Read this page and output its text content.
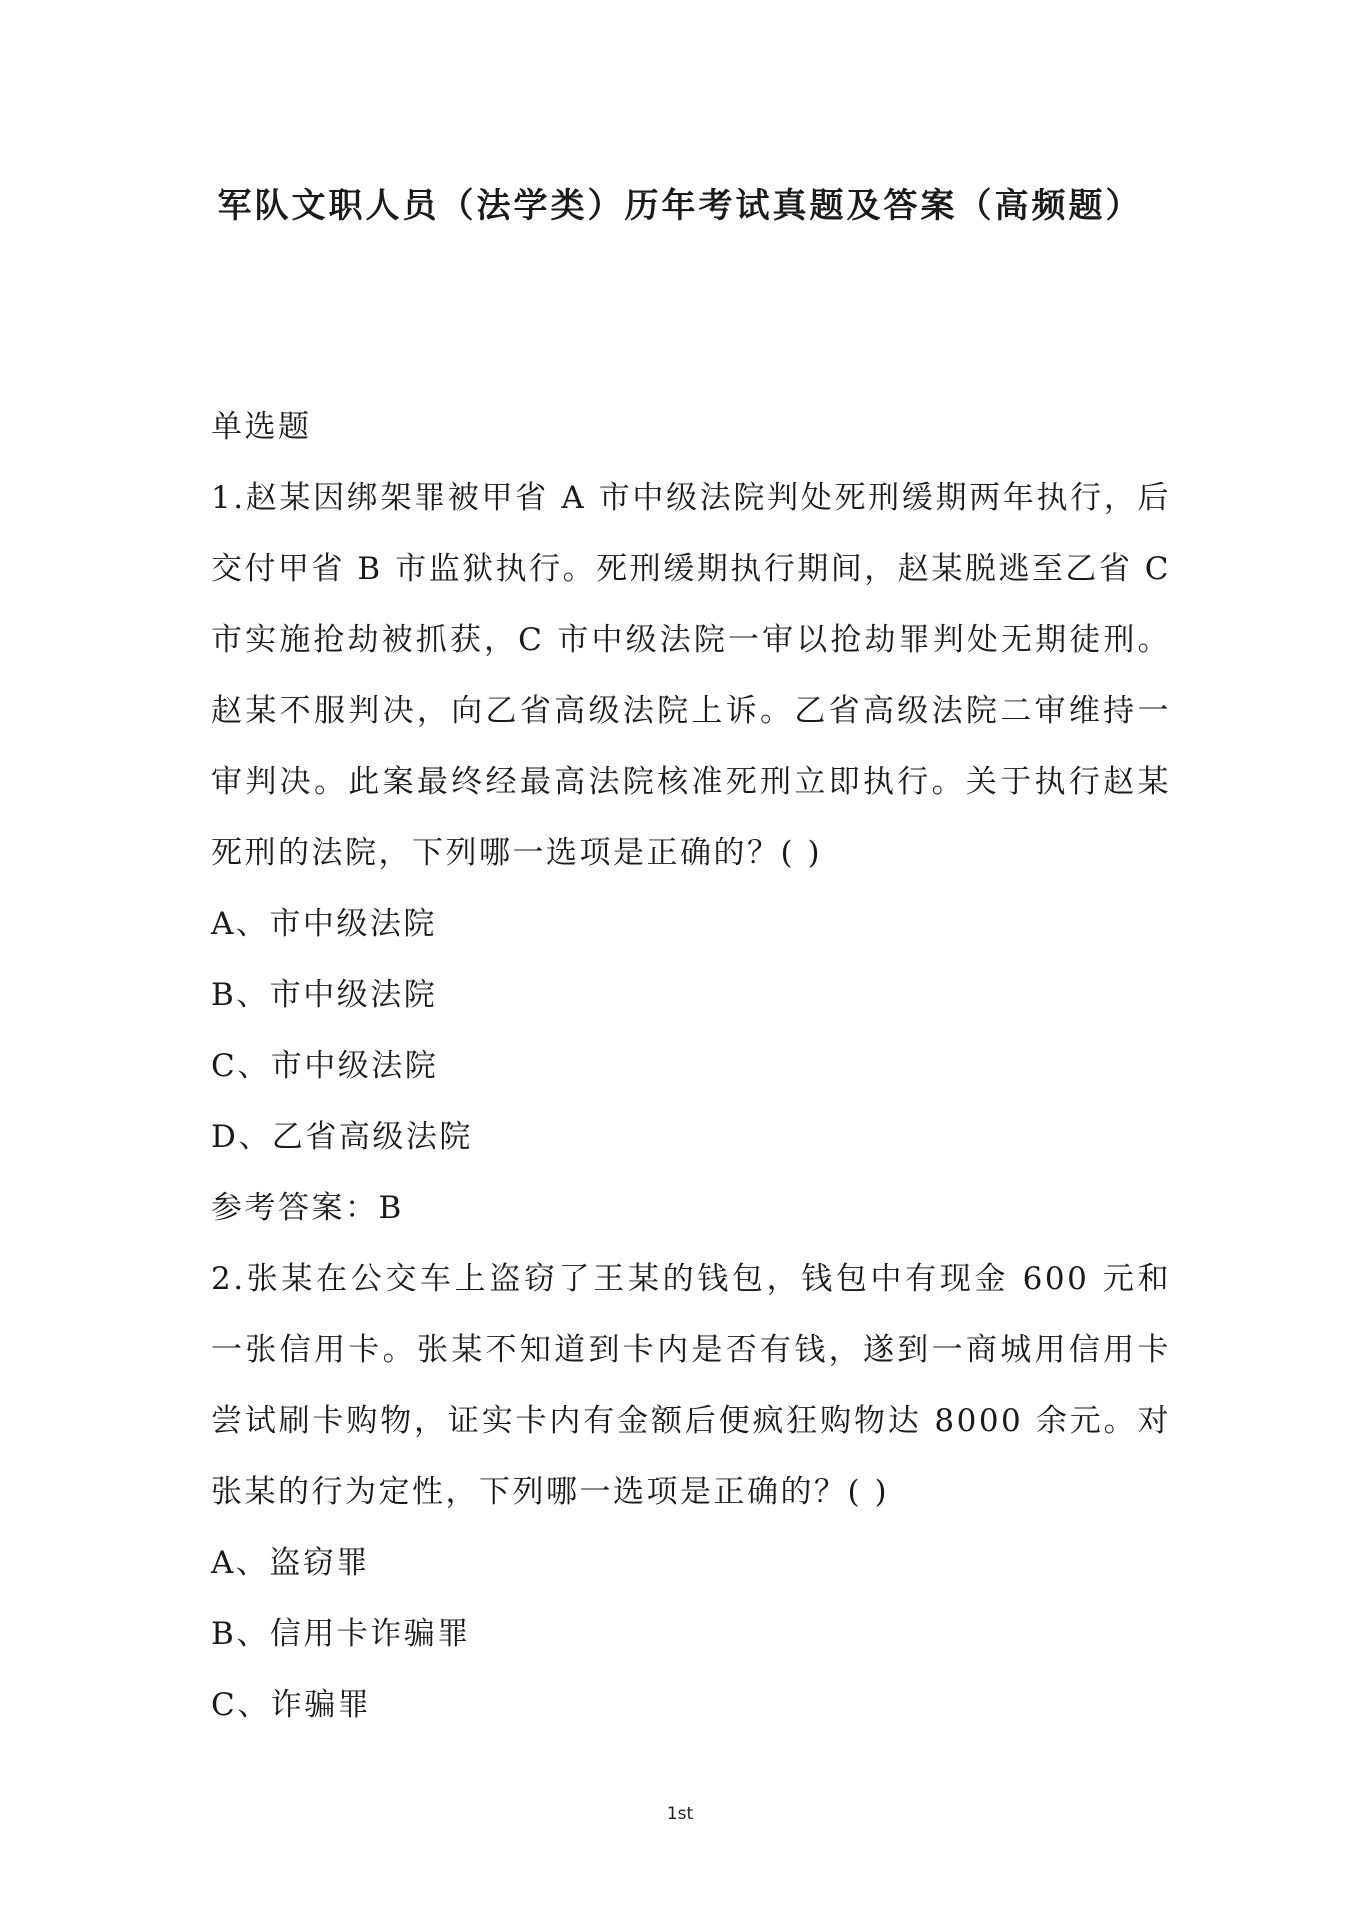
军队文职人员（法学类）历年考试真题及答案（高频题）

单选题

1.赵某因绑架罪被甲省 A 市中级法院判处死刑缓期两年执行，后交付甲省 B 市监狱执行。死刑缓期执行期间，赵某脱逃至乙省 C 市实施抢劫被抓获，C 市中级法院一审以抢劫罪判处无期徒刑。赵某不服判决，向乙省高级法院上诉。乙省高级法院二审维持一审判决。此案最终经最高法院核准死刑立即执行。关于执行赵某死刑的法院，下列哪一选项是正确的？( )

A、市中级法院

B、市中级法院

C、市中级法院

D、乙省高级法院

参考答案：B

2.张某在公交车上盗窃了王某的钱包，钱包中有现金 600 元和一张信用卡。张某不知道到卡内是否有钱，遂到一商城用信用卡尝试刷卡购物，证实卡内有金额后便疯狂购物达 8000 余元。对张某的行为定性，下列哪一选项是正确的？( )

A、盗窃罪

B、信用卡诈骗罪

C、诈骗罪

1st
